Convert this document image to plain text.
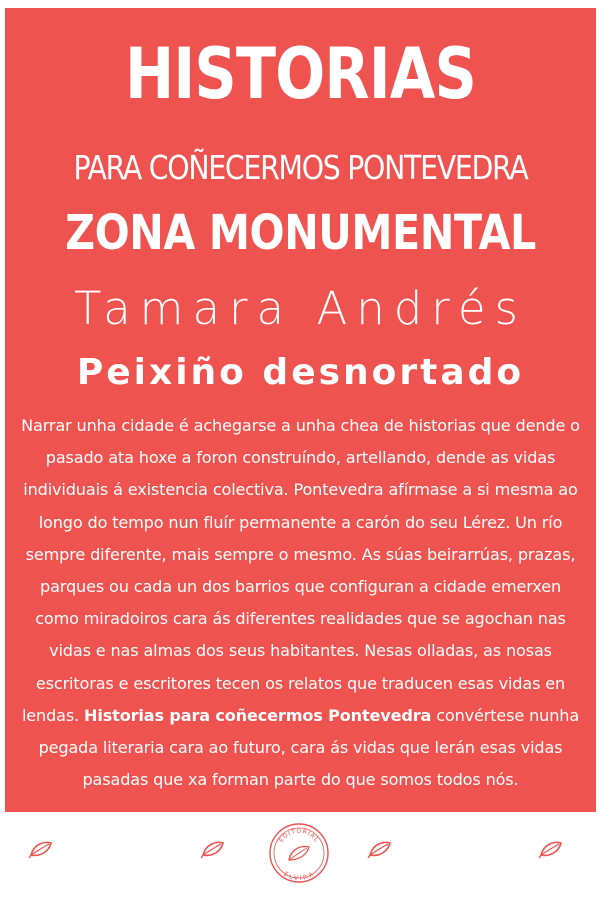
HISTORIAS
PARA COÑECERMOS PONTEVEDRA
ZONA MONUMENTAL
Tamara Andrés
Peixiño desnortado
Narrar unha cidade é achegarse a unha chea de historias que dende o pasado ata hoxe a foron construíndo, artellando, dende as vidas individuais á existencia colectiva. Pontevedra afírmase a si mesma ao longo do tempo nun fluír permanente a carón do seu Lérez. Un río sempre diferente, mais sempre o mesmo. As súas beirarrúas, prazas, parques ou cada un dos barrios que configuran a cidade emerxen como miradoiros cara ás diferentes realidades que se agochan nas vidas e nas almas dos seus habitantes. Nesas olladas, as nosas escritoras e escritores tecen os relatos que traducen esas vidas en lendas. Historias para coñecermos Pontevedra convértese nunha pegada literaria cara ao futuro, cara ás vidas que lerán esas vidas pasadas que xa forman parte do que somos todos nós.
EDITORIAL
ELVIRA
